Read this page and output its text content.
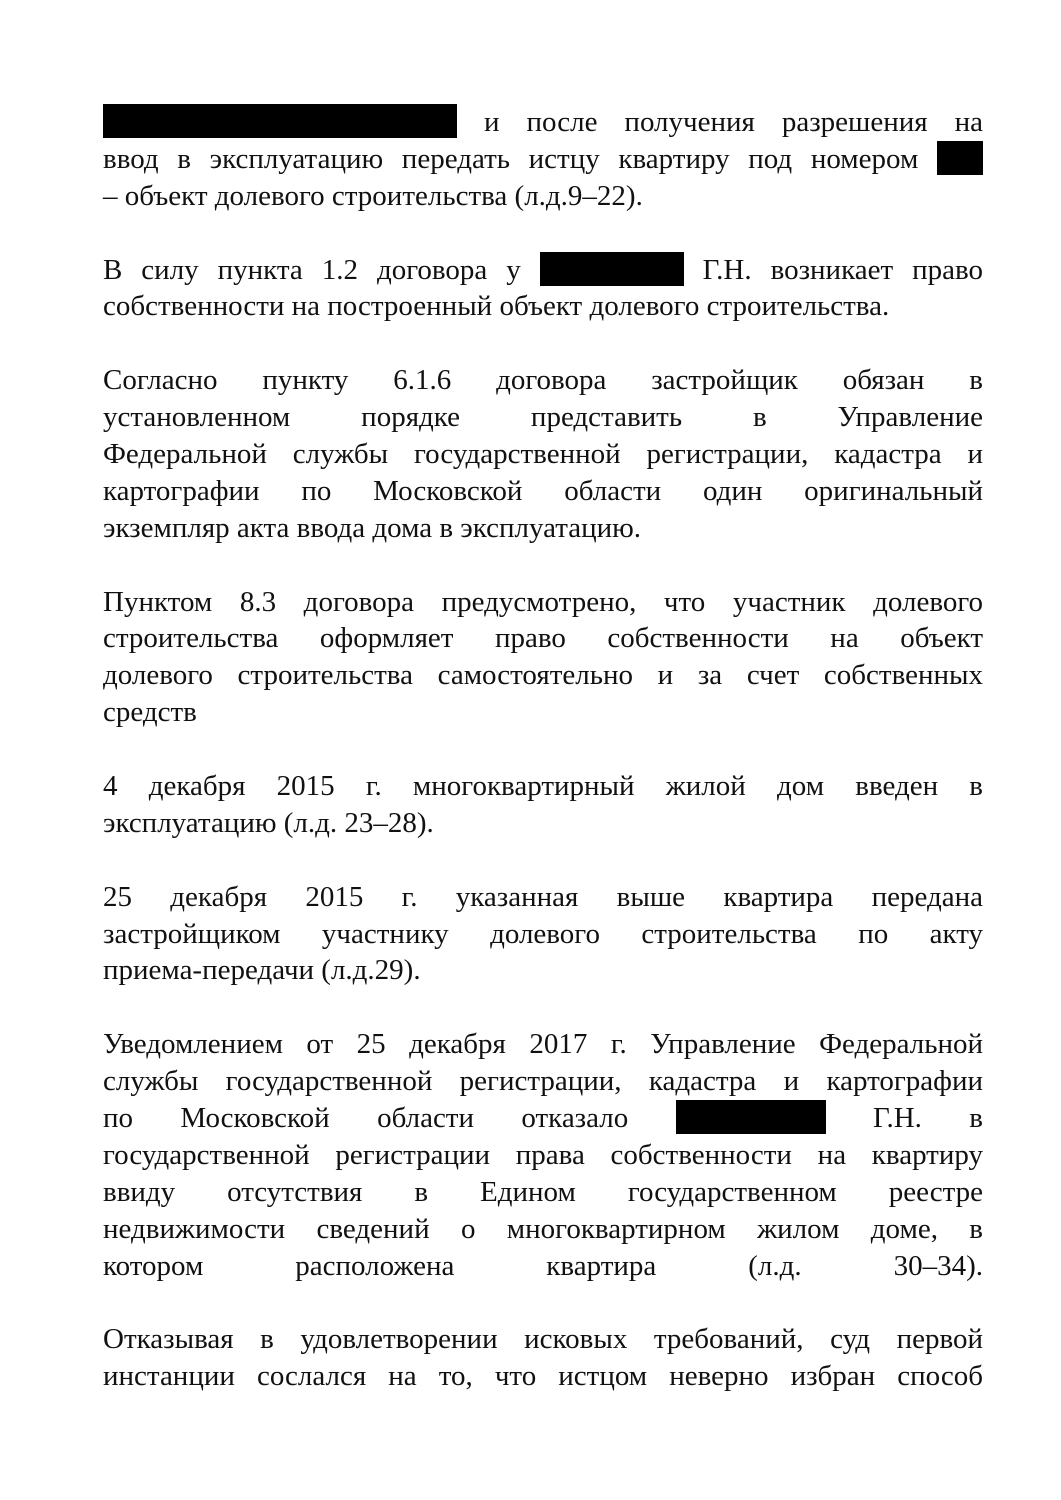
и после получения разрешения на
ввод в эксплуатацию передать истцу квартиру под номером
– объект долевого строительства (л.д.9–22).
В силу пункта 1.2 договора у	Г.Н. возникает право
собственности на построенный объект долевого строительства.
Согласно пункту 6.1.6 договора застройщик обязан в
установленном порядке представить в Управление
Федеральной службы государственной регистрации, кадастра и
картографии по Московской области один оригинальный
экземпляр акта ввода дома в эксплуатацию.
Пунктом 8.3 договора предусмотрено, что участник долевого
строительства оформляет право собственности на объект
долевого строительства самостоятельно и за счет собственных
средств
4 декабря 2015 г. многоквартирный жилой дом введен в
эксплуатацию (л.д. 23–28).
25 декабря 2015 г. указанная выше квартира передана
застройщиком участнику долевого строительства по акту
приема-передачи (л.д.29).
Уведомлением от 25 декабря 2017 г. Управление Федеральной
службы государственной регистрации, кадастра и картографии
по Московской области отказало	Г.Н. в
государственной регистрации права собственности на квартиру
ввиду отсутствия в Едином государственном реестре
недвижимости сведений о многоквартирном жилом доме, в
котором расположена квартира (л.д. 30–34).
Отказывая в удовлетворении исковых требований, суд первой
инстанции сослался на то, что истцом неверно избран способ
